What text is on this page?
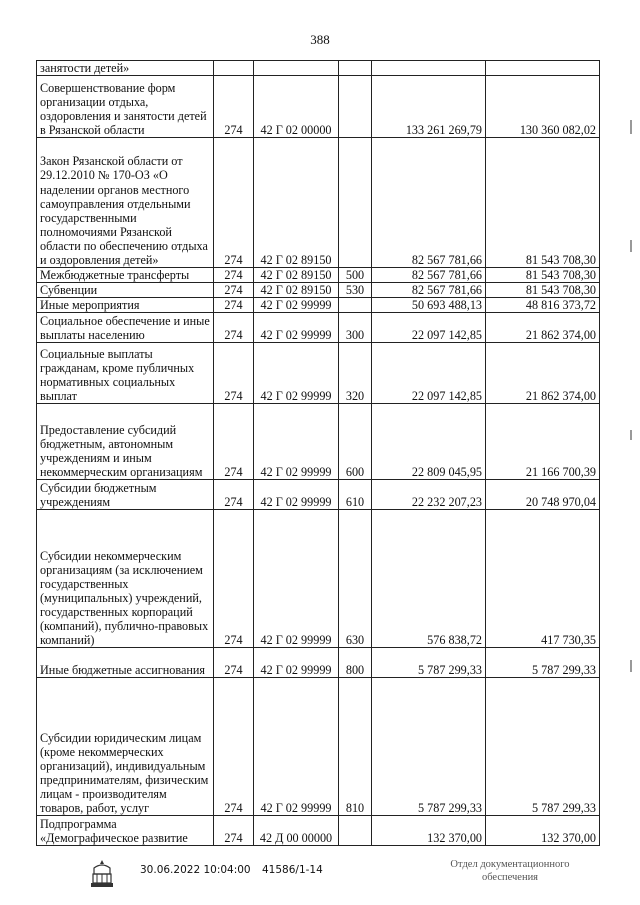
388
занятости детей»					
Совершенствование форм организации отдыха, оздоровления и занятости детей в Рязанской области	274	42 Г 02 00000		133 261 269,79	130 360 082,02
Закон Рязанской области от 29.12.2010 № 170-ОЗ «О наделении органов местного самоуправления отдельными государственными полномочиями Рязанской области по обеспечению отдыха и оздоровления детей»	274	42 Г 02 89150		82 567 781,66	81 543 708,30
Межбюджетные трансферты	274	42 Г 02 89150	500	82 567 781,66	81 543 708,30
Субвенции	274	42 Г 02 89150	530	82 567 781,66	81 543 708,30
Иные мероприятия	274	42 Г 02 99999		50 693 488,13	48 816 373,72
Социальное обеспечение и иные выплаты населению	274	42 Г 02 99999	300	22 097 142,85	21 862 374,00
Социальные выплаты гражданам, кроме публичных нормативных социальных выплат	274	42 Г 02 99999	320	22 097 142,85	21 862 374,00
Предоставление субсидий бюджетным, автономным учреждениям и иным некоммерческим организациям	274	42 Г 02 99999	600	22 809 045,95	21 166 700,39
Субсидии бюджетным учреждениям	274	42 Г 02 99999	610	22 232 207,23	20 748 970,04
Субсидии некоммерческим организациям (за исключением государственных (муниципальных) учреждений, государственных корпораций (компаний), публично-правовых компаний)	274	42 Г 02 99999	630	576 838,72	417 730,35
Иные бюджетные ассигнования	274	42 Г 02 99999	800	5 787 299,33	5 787 299,33
Субсидии юридическим лицам (кроме некоммерческих организаций), индивидуальным предпринимателям, физическим лицам - производителям товаров, работ, услуг	274	42 Г 02 99999	810	5 787 299,33	5 787 299,33
Подпрограмма «Демографическое развитие	274	42 Д 00 00000		132 370,00	132 370,00
30.06.2022 10:04:00 41586/1-14	Отдел документационного
обеспечения
